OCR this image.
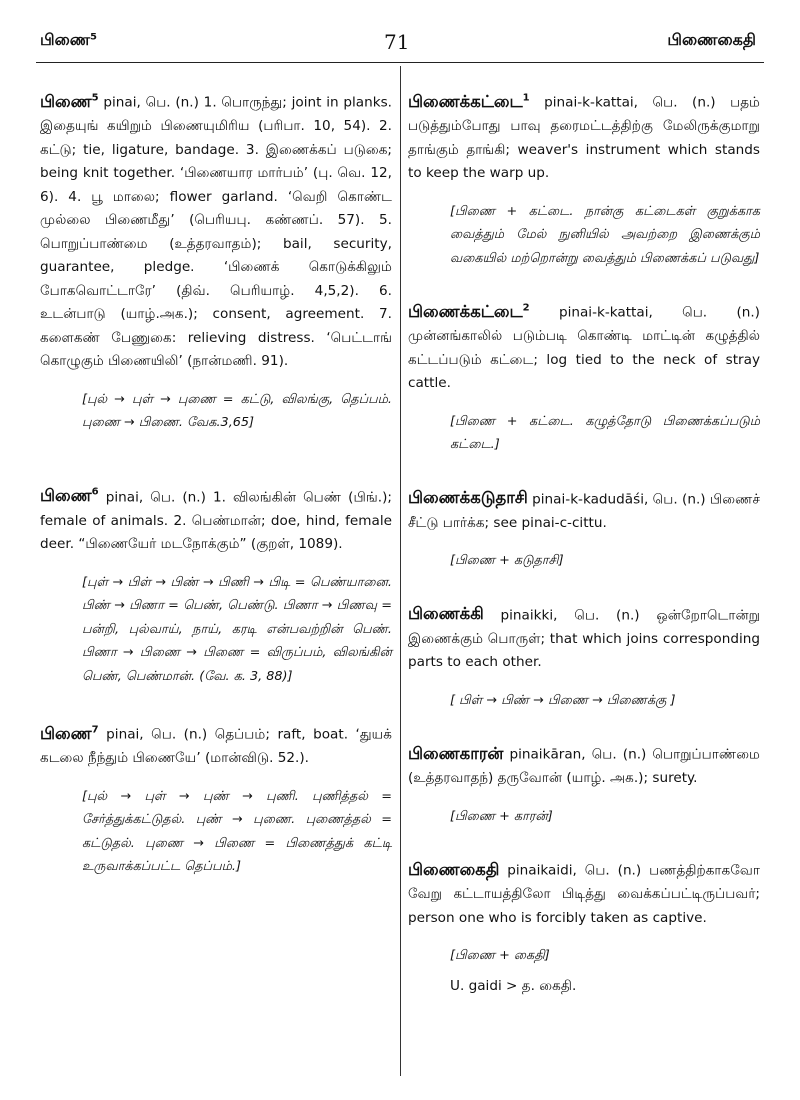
பிணை⁵	71	பிணைகைதி
பிணை$^5$ pinai, பெ. (n.) 1. பொருந்து; joint in planks. இதையுங் கயிறும் பிணையுமிரிய (பரிபா. 10, 54). 2. கட்டு; tie, ligature, bandage. 3. இணைக்கப் படுகை; being knit together. ‘பிணையார மார்பம்’ (பு. வெ. 12, 6). 4. பூ மாலை; flower garland. ‘வெறி கொண்ட முல்லை பிணைமீது’ (பெரியபு. கண்ணப். 57). 5. பொறுப்பாண்மை (உத்தரவாதம்); bail, security, guarantee, pledge. ‘பிணைக் கொடுக்கிலும் போகவொட்டாரே’ (திவ். பெரியாழ். 4,5,2). 6. உடன்பாடு (யாழ்.அக.); consent, agreement. 7. களைகண் பேணுகை: relieving distress. ‘பெட்டாங் கொழுகும் பிணையிலி’ (நான்மணி. 91).
[புல் → புள் → புணை = கட்டு, விலங்கு, தெப்பம். புணை → பிணை. வேக.3,65]
பிணை$^6$ pinai, பெ. (n.) 1. விலங்கின் பெண் (பிங்.); female of animals. 2. பெண்மான்; doe, hind, female deer. “பிணையேர் மடநோக்கும்” (குறள், 1089).
[புள் → பிள் → பிண் → பிணி → பிடி = பெண்யானை. பிண் → பிணா = பெண், பெண்டு. பிணா → பிணவு = பன்றி, புல்வாய், நாய், கரடி என்பவற்றின் பெண். பிணா → பிணை → பிணை = விருப்பம், விலங்கின் பெண், பெண்மான். (வே. க. 3, 88)]
பிணை$^7$ pinai, பெ. (n.) தெப்பம்; raft, boat. ‘துயக் கடலை நீந்தும் பிணையே’ (மான்விடு. 52.).
[புல் → புள் → புண் → புணி. புணித்தல் = சேர்த்துக்கட்டுதல். புண் → புணை. புணைத்தல் = கட்டுதல். புணை → பிணை = பிணைத்துக் கட்டி உருவாக்கப்பட்ட தெப்பம்.]
பிணைக்கட்டை$^1$ pinai-k-kattai, பெ. (n.) பதம் படுத்தும்போது பாவு தரைமட்டத்திற்கு மேலிருக்குமாறு தாங்கும் தாங்கி; weaver's instrument which stands to keep the warp up.
[பிணை + கட்டை. நான்கு கட்டைகள் குறுக்காக வைத்தும் மேல் நுனியில் அவற்றை இணைக்கும் வகையில் மற்றொன்று வைத்தும் பிணைக்கப் படுவது]
பிணைக்கட்டை$^2$ pinai-k-kattai, பெ. (n.) முன்னங்காலில் படும்படி கொண்டி மாட்டின் கழுத்தில் கட்டப்படும் கட்டை; log tied to the neck of stray cattle.
[பிணை + கட்டை. கழுத்தோடு பிணைக்கப்படும் கட்டை.]
பிணைக்கடுதாசி pinai-k-kadudāśi, பெ. (n.) பிணைச் சீட்டு பார்க்க; see pinai-c-cittu.
[பிணை + கடுதாசி]
பிணைக்கி pinaikki, பெ. (n.) ஒன்றோடொன்று இணைக்கும் பொருள்; that which joins corresponding parts to each other.
[ பிள் → பிண் → பிணை → பிணைக்கு ]
பிணைகாரன் pinaikāran, பெ. (n.) பொறுப்பாண்மை (உத்தரவாதந்) தருவோன் (யாழ். அக.); surety.
[பிணை + காரன்]
பிணைகைதி pinaikaidi, பெ. (n.) பணத்திற்காகவோ வேறு கட்டாயத்திலோ பிடித்து வைக்கப்பட்டிருப்பவர்; person one who is forcibly taken as captive.
[பிணை + கைதி]
U. gaidi > த. கைதி.
